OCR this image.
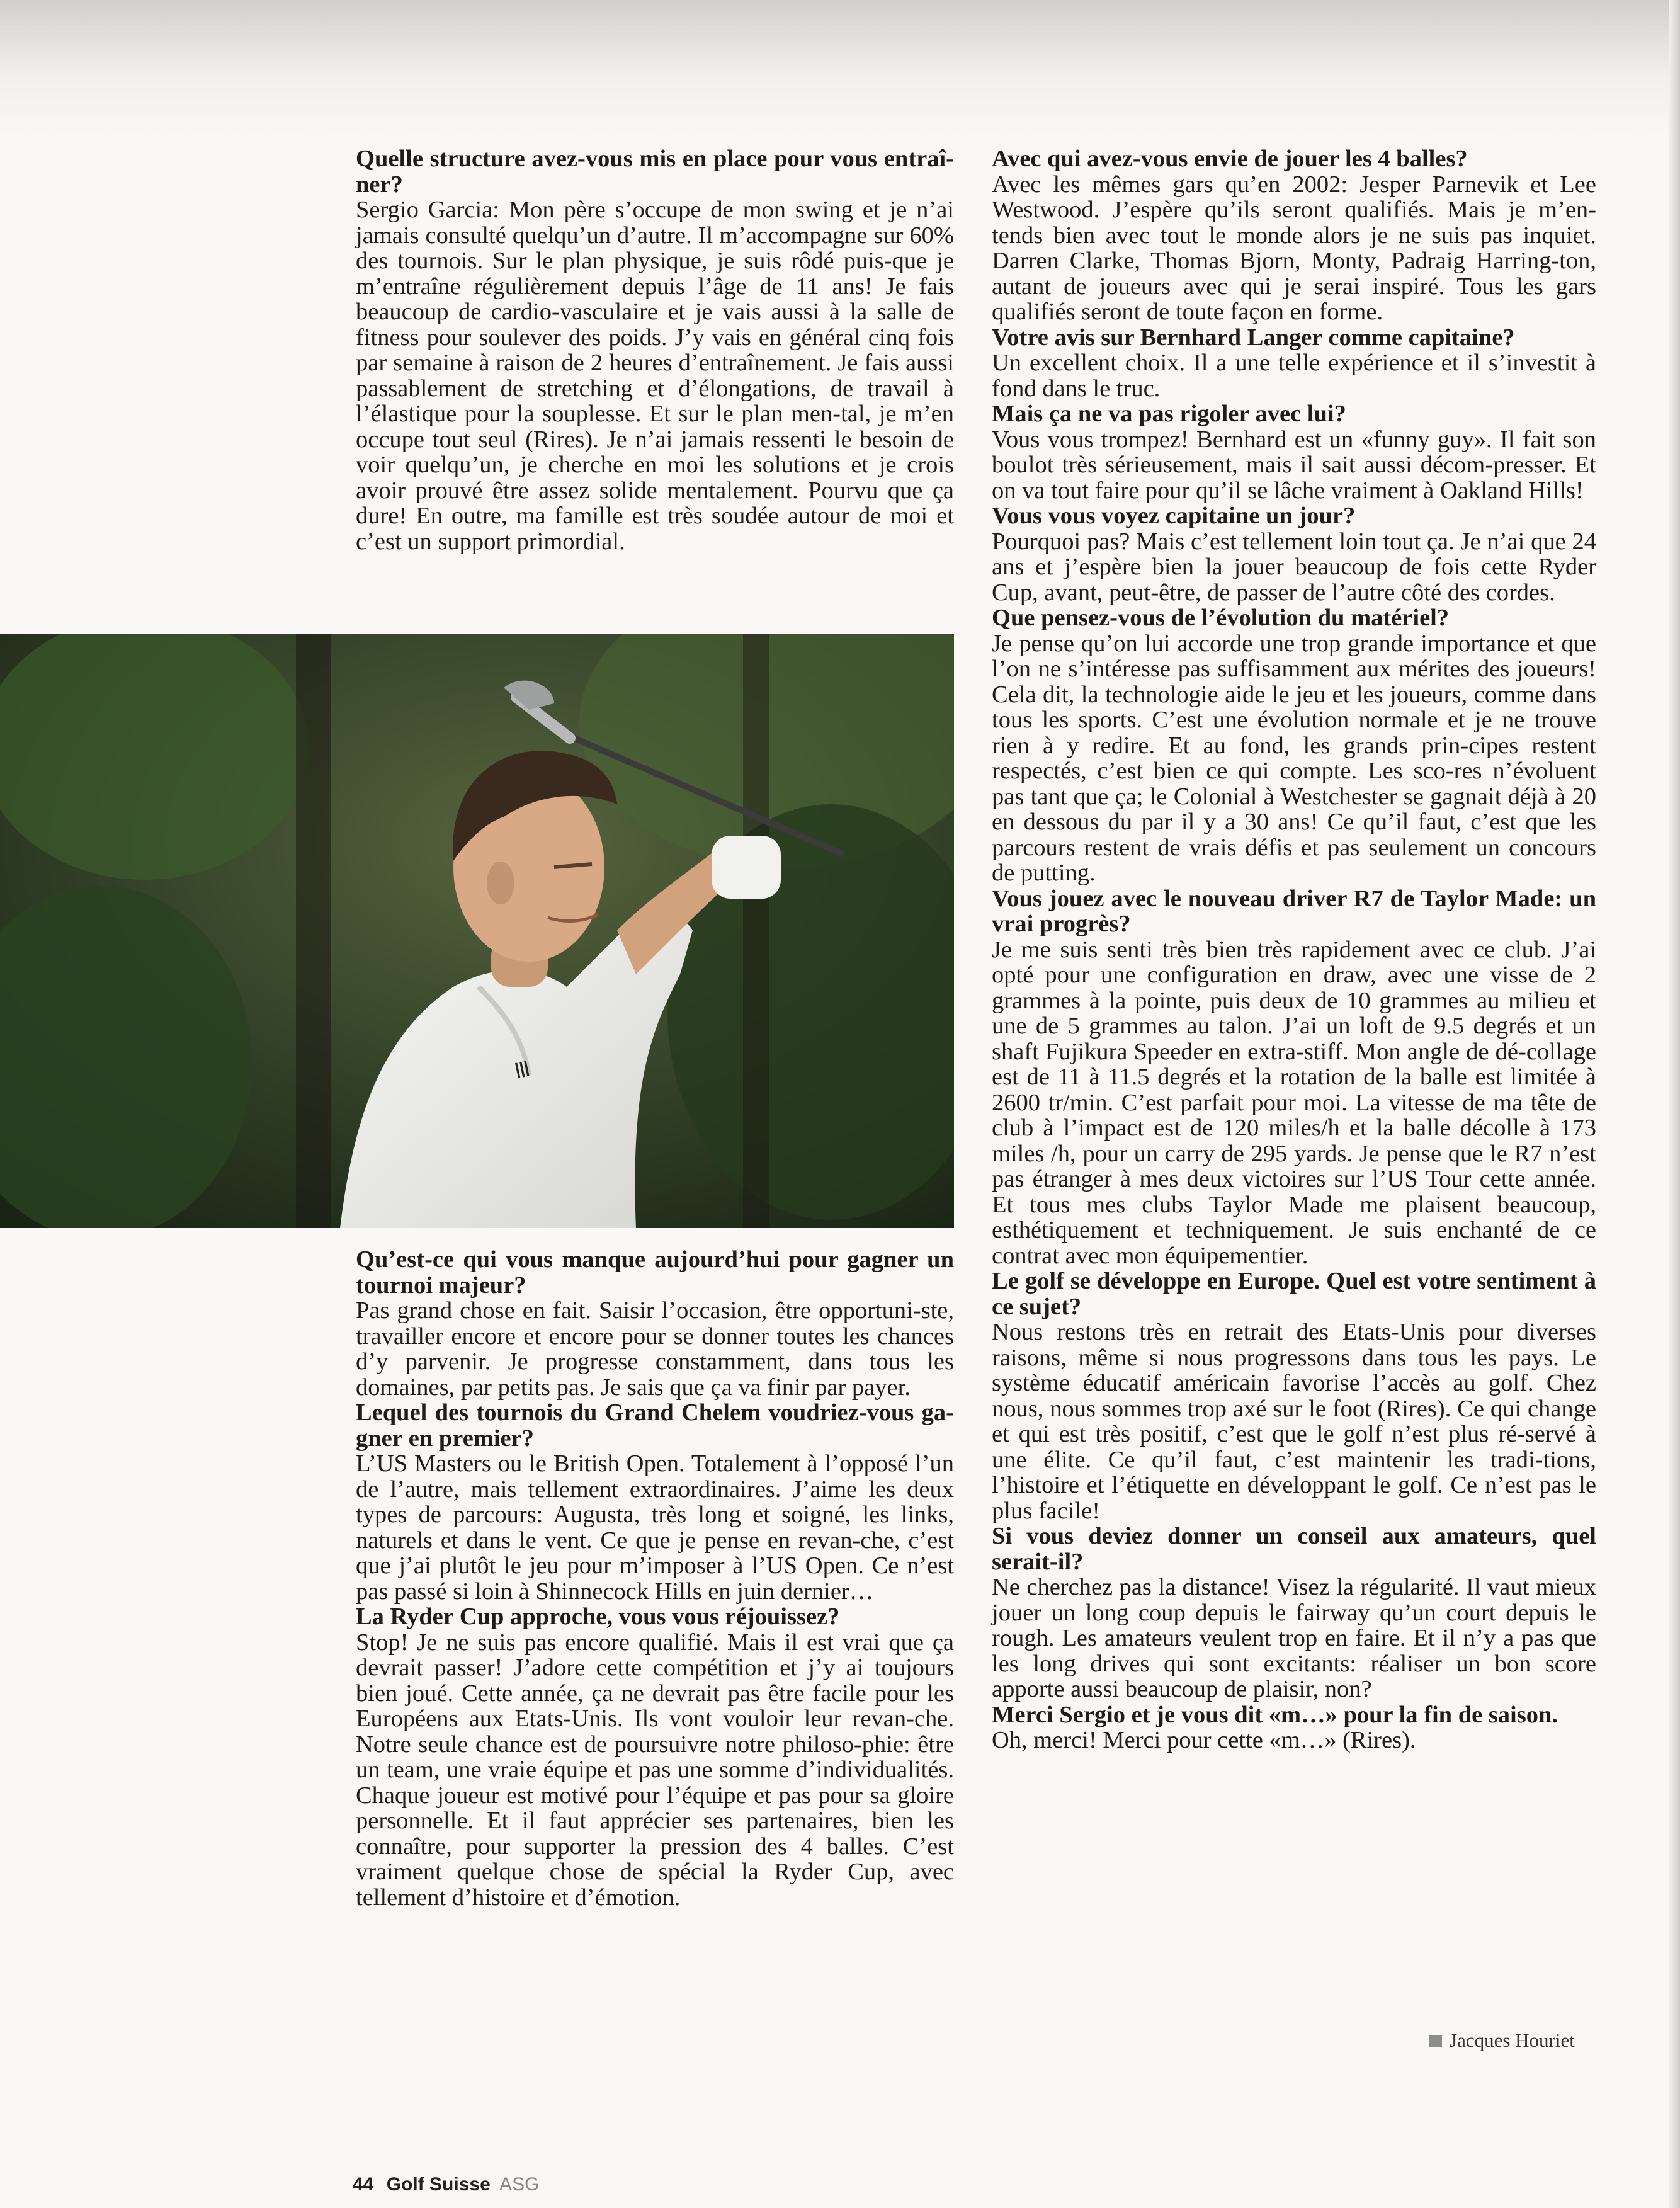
Quelle structure avez-vous mis en place pour vous entraî-ner?
Sergio Garcia: Mon père s’occupe de mon swing et je n’ai jamais consulté quelqu’un d’autre. Il m’accompagne sur 60% des tournois. Sur le plan physique, je suis rôdé puis-que je m’entraîne régulièrement depuis l’âge de 11 ans! Je fais beaucoup de cardio-vasculaire et je vais aussi à la salle de fitness pour soulever des poids. J’y vais en général cinq fois par semaine à raison de 2 heures d’entraînement. Je fais aussi passablement de stretching et d’élongations, de travail à l’élastique pour la souplesse. Et sur le plan men-tal, je m’en occupe tout seul (Rires). Je n’ai jamais ressenti le besoin de voir quelqu’un, je cherche en moi les solutions et je crois avoir prouvé être assez solide mentalement. Pourvu que ça dure! En outre, ma famille est très soudée autour de moi et c’est un support primordial.
|||
Qu’est-ce qui vous manque aujourd’hui pour gagner un tournoi majeur?
Pas grand chose en fait. Saisir l’occasion, être opportuni-ste, travailler encore et encore pour se donner toutes les chances d’y parvenir. Je progresse constamment, dans tous les domaines, par petits pas. Je sais que ça va finir par payer.
Lequel des tournois du Grand Chelem voudriez-vous ga-gner en premier?
L’US Masters ou le British Open. Totalement à l’opposé l’un de l’autre, mais tellement extraordinaires. J’aime les deux types de parcours: Augusta, très long et soigné, les links, naturels et dans le vent. Ce que je pense en revan-che, c’est que j’ai plutôt le jeu pour m’imposer à l’US Open. Ce n’est pas passé si loin à Shinnecock Hills en juin dernier…
La Ryder Cup approche, vous vous réjouissez?
Stop! Je ne suis pas encore qualifié. Mais il est vrai que ça devrait passer! J’adore cette compétition et j’y ai toujours bien joué. Cette année, ça ne devrait pas être facile pour les Européens aux Etats-Unis. Ils vont vouloir leur revan-che. Notre seule chance est de poursuivre notre philoso-phie: être un team, une vraie équipe et pas une somme d’individualités. Chaque joueur est motivé pour l’équipe et pas pour sa gloire personnelle. Et il faut apprécier ses partenaires, bien les connaître, pour supporter la pression des 4 balles. C’est vraiment quelque chose de spécial la Ryder Cup, avec tellement d’histoire et d’émotion.
Avec qui avez-vous envie de jouer les 4 balles?
Avec les mêmes gars qu’en 2002: Jesper Parnevik et Lee Westwood. J’espère qu’ils seront qualifiés. Mais je m’en-tends bien avec tout le monde alors je ne suis pas inquiet. Darren Clarke, Thomas Bjorn, Monty, Padraig Harring-ton, autant de joueurs avec qui je serai inspiré. Tous les gars qualifiés seront de toute façon en forme.
Votre avis sur Bernhard Langer comme capitaine?
Un excellent choix. Il a une telle expérience et il s’investit à fond dans le truc.
Mais ça ne va pas rigoler avec lui?
Vous vous trompez! Bernhard est un «funny guy». Il fait son boulot très sérieusement, mais il sait aussi décom-presser. Et on va tout faire pour qu’il se lâche vraiment à Oakland Hills!
Vous vous voyez capitaine un jour?
Pourquoi pas? Mais c’est tellement loin tout ça. Je n’ai que 24 ans et j’espère bien la jouer beaucoup de fois cette Ryder Cup, avant, peut-être, de passer de l’autre côté des cordes.
Que pensez-vous de l’évolution du matériel?
Je pense qu’on lui accorde une trop grande importance et que l’on ne s’intéresse pas suffisamment aux mérites des joueurs! Cela dit, la technologie aide le jeu et les joueurs, comme dans tous les sports. C’est une évolution normale et je ne trouve rien à y redire. Et au fond, les grands prin-cipes restent respectés, c’est bien ce qui compte. Les sco-res n’évoluent pas tant que ça; le Colonial à Westchester se gagnait déjà à 20 en dessous du par il y a 30 ans! Ce qu’il faut, c’est que les parcours restent de vrais défis et pas seulement un concours de putting.
Vous jouez avec le nouveau driver R7 de Taylor Made: un vrai progrès?
Je me suis senti très bien très rapidement avec ce club. J’ai opté pour une configuration en draw, avec une visse de 2 grammes à la pointe, puis deux de 10 grammes au milieu et une de 5 grammes au talon. J’ai un loft de 9.5 degrés et un shaft Fujikura Speeder en extra-stiff. Mon angle de dé-collage est de 11 à 11.5 degrés et la rotation de la balle est limitée à 2600 tr/min. C’est parfait pour moi. La vitesse de ma tête de club à l’impact est de 120 miles/h et la balle décolle à 173 miles /h, pour un carry de 295 yards. Je pense que le R7 n’est pas étranger à mes deux victoires sur l’US Tour cette année. Et tous mes clubs Taylor Made me plaisent beaucoup, esthétiquement et techniquement. Je suis enchanté de ce contrat avec mon équipementier.
Le golf se développe en Europe. Quel est votre sentiment à ce sujet?
Nous restons très en retrait des Etats-Unis pour diverses raisons, même si nous progressons dans tous les pays. Le système éducatif américain favorise l’accès au golf. Chez nous, nous sommes trop axé sur le foot (Rires). Ce qui change et qui est très positif, c’est que le golf n’est plus ré-servé à une élite. Ce qu’il faut, c’est maintenir les tradi-tions, l’histoire et l’étiquette en développant le golf. Ce n’est pas le plus facile!
Si vous deviez donner un conseil aux amateurs, quel serait-il?
Ne cherchez pas la distance! Visez la régularité. Il vaut mieux jouer un long coup depuis le fairway qu’un court depuis le rough. Les amateurs veulent trop en faire. Et il n’y a pas que les long drives qui sont excitants: réaliser un bon score apporte aussi beaucoup de plaisir, non?
Merci Sergio et je vous dit «m…» pour la fin de saison.
Oh, merci! Merci pour cette «m…» (Rires).
Jacques Houriet
44 Golf Suisse ASG
